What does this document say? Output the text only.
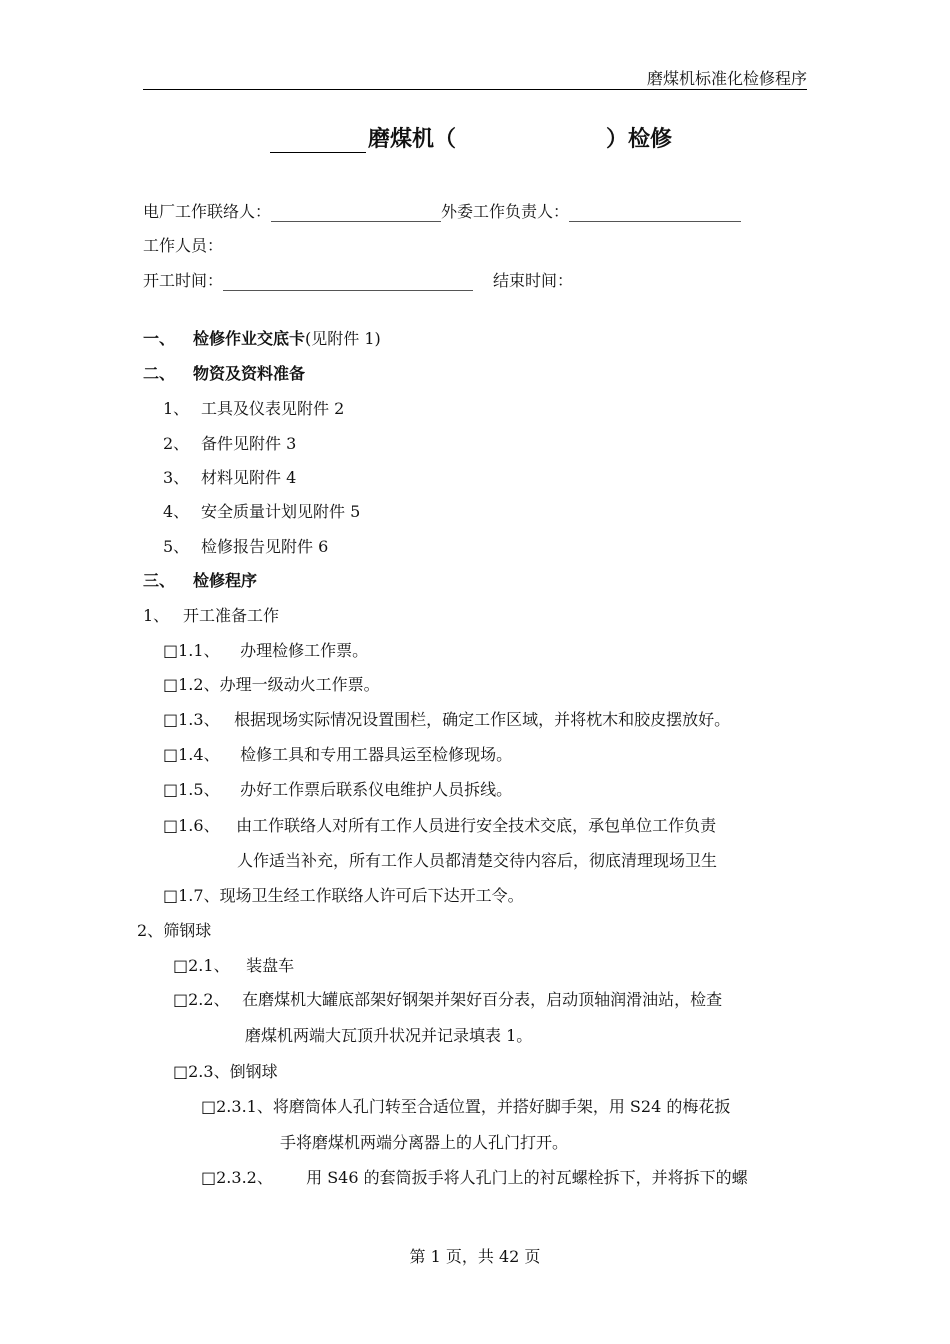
磨煤机标准化检修程序
磨煤机（	）检修
电厂工作联络人：	外委工作负责人：
工作人员：
开工时间：	结束时间：
一、 检修作业交底卡(见附件 1)
二、 物资及资料准备
1、 工具及仪表见附件 2
2、 备件见附件 3
3、 材料见附件 4
4、 安全质量计划见附件 5
5、 检修报告见附件 6
三、 检修程序
1、 开工准备工作
□1.1、 办理检修工作票。
□1.2、办理一级动火工作票。
□1.3、 根据现场实际情况设置围栏，确定工作区域，并将枕木和胶皮摆放好。
□1.4、 检修工具和专用工器具运至检修现场。
□1.5、 办好工作票后联系仪电维护人员拆线。
□1.6、 由工作联络人对所有工作人员进行安全技术交底，承包单位工作负责
人作适当补充，所有工作人员都清楚交待内容后，彻底清理现场卫生
□1.7、现场卫生经工作联络人许可后下达开工令。
2、筛钢球
□2.1、 装盘车
□2.2、 在磨煤机大罐底部架好钢架并架好百分表，启动顶轴润滑油站，检查
磨煤机两端大瓦顶升状况并记录填表 1。
□2.3、倒钢球
□2.3.1、将磨筒体人孔门转至合适位置，并搭好脚手架，用 S24 的梅花扳
手将磨煤机两端分离器上的人孔门打开。
□2.3.2、 用 S46 的套筒扳手将人孔门上的衬瓦螺栓拆下，并将拆下的螺
第 1 页，共 42 页
